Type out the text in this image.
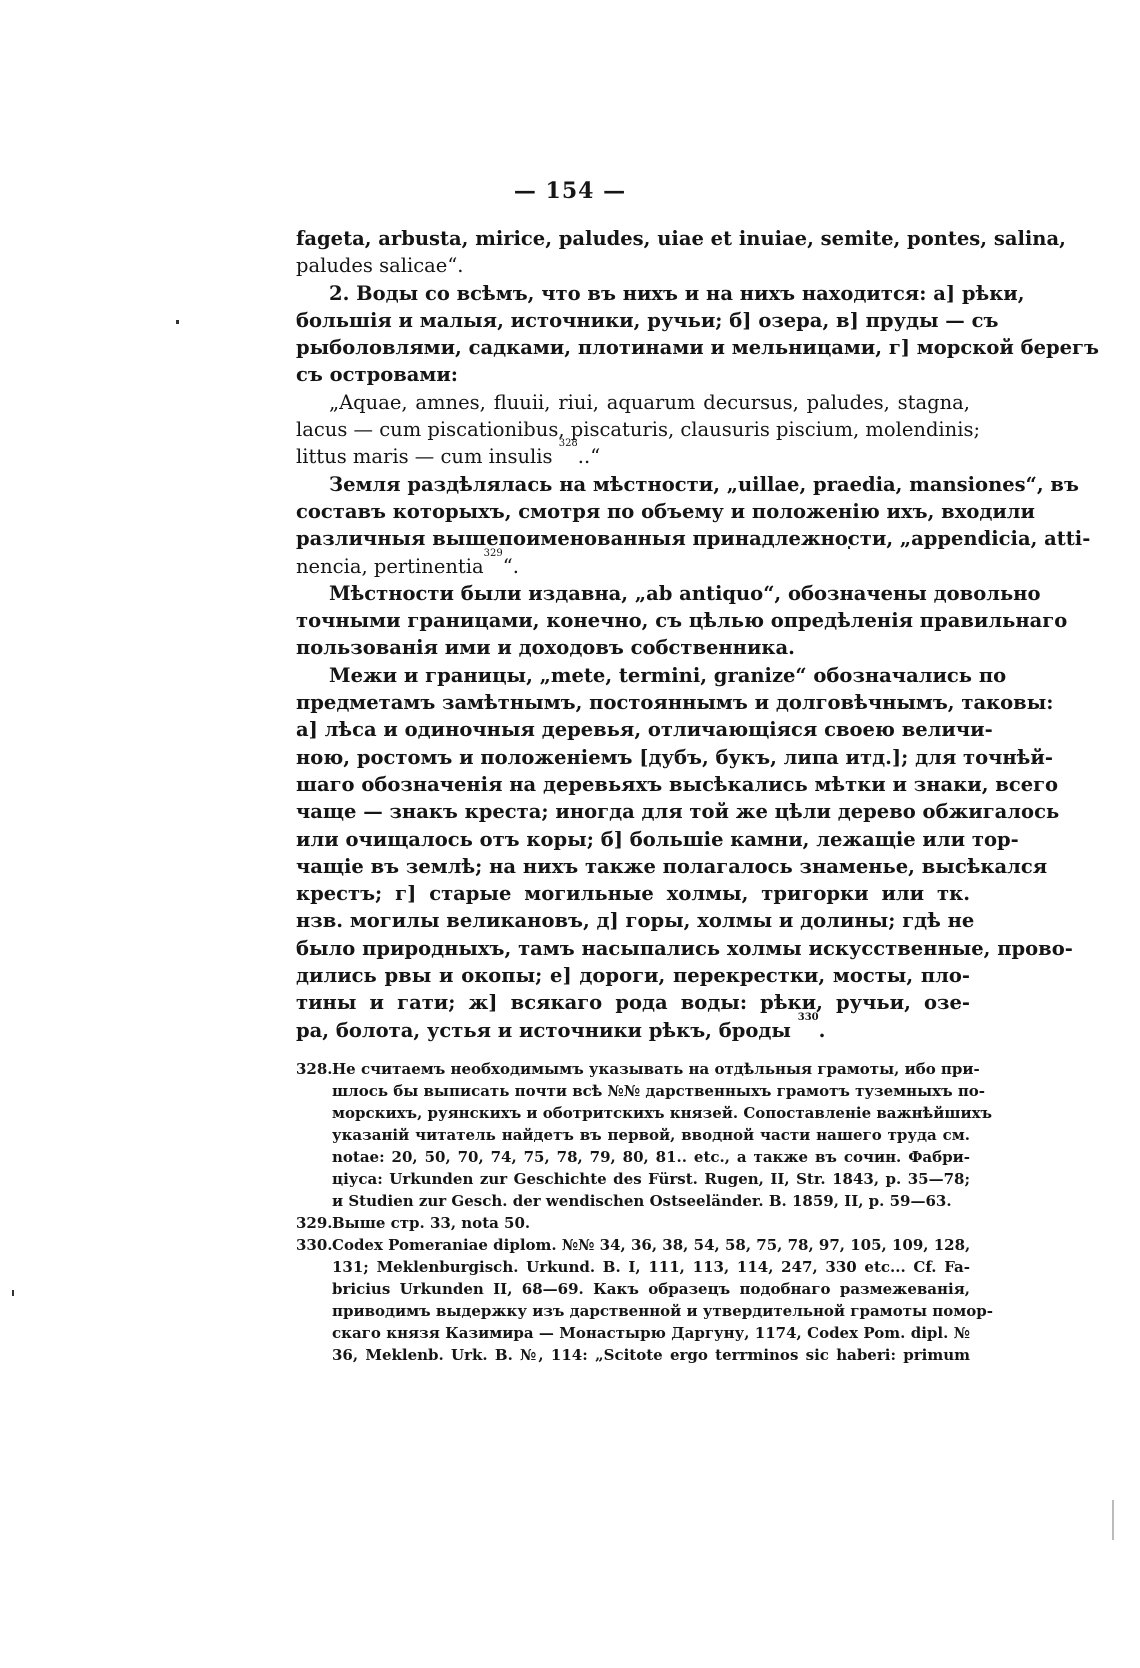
— 154 —
fageta, arbusta, mirice, paludes, uiae et inuiae, semite, pontes, salina,
paludes salicae“.
2. Воды со всѣмъ, что въ нихъ и на нихъ находится: а] рѣки,
большія и малыя, источники, ручьи; б] озера, в] пруды — съ
рыболовлями, садками, плотинами и мельницами, г] морской берегъ
съ островами:
„Aquae, amnes, fluuii, riui, aquarum decursus, paludes, stagna,
lacus — cum piscationibus, piscaturis, clausuris piscium, molendinis;
littus maris — cum insulis $^{328}$..“
Земля раздѣлялась на мѣстности, „uillae, praedia, mansiones“, въ
составъ которыхъ, смотря по объему и положенію ихъ, входили
различныя вышепоименованныя принадлежности, „appendicia, atti-
nencia, pertinentia$^{329}$“.
Мѣстности были издавна, „ab antiquo“, обозначены довольно
точными границами, конечно, съ цѣлью опредѣленія правильнаго
пользованія ими и доходовъ собственника.
Межи и границы, „mete, termini, granize“ обозначались по
предметамъ замѣтнымъ, постояннымъ и долговѣчнымъ, таковы:
а] лѣса и одиночныя деревья, отличающіяся своею величи-
ною, ростомъ и положеніемъ [дубъ, букъ, липа итд.]; для точнѣй-
шаго обозначенія на деревьяхъ высѣкались мѣтки и знаки, всего
чаще — знакъ креста; иногда для той же цѣли дерево обжигалось
или очищалось отъ коры; б] большіе камни, лежащіе или тор-
чащіе въ землѣ; на нихъ также полагалось знаменье, высѣкался
крестъ; г] старые могильные холмы, тригорки или тк.
нзв. могилы великановъ, д] горы, холмы и долины; гдѣ не
было природныхъ, тамъ насыпались холмы искусственные, прово-
дились рвы и окопы; е] дороги, перекрестки, мосты, пло-
тины и гати; ж] всякаго рода воды: рѣки, ручьи, озе-
ра, болота, устья и источники рѣкъ, броды $^{330}$.
328.Не считаемъ необходимымъ указывать на отдѣльныя грамоты, ибо при-
шлось бы выписать почти всѣ №№ дарственныхъ грамотъ туземныхъ по-
морскихъ, руянскихъ и оботритскихъ князей. Сопоставленіе важнѣйшихъ
указаній читатель найдетъ въ первой, вводной части нашего труда см.
notae: 20, 50, 70, 74, 75, 78, 79, 80, 81.. etc., а также въ сочин. Фабри-
ціуса: Urkunden zur Geschichte des Fürst. Rugen, II, Str. 1843, p. 35—78;
и Studien zur Gesch. der wendischen Ostseeländer. B. 1859, II, p. 59—63.
329.Выше стр. 33, nota 50.
330.Codex Pomeraniae diplom. №№ 34, 36, 38, 54, 58, 75, 78, 97, 105, 109, 128,
131; Meklenburgisch. Urkund. B. I, 111, 113, 114, 247, 330 etc... Cf. Fa-
bricius Urkunden II, 68—69. Какъ образецъ подобнаго размежеванія,
приводимъ выдержку изъ дарственной и утвердительной грамоты помор-
скаго князя Казимира — Монастырю Даргуну, 1174, Codex Pom. dipl. №
36, Meklenb. Urk. B. №, 114: „Scitote ergo terrminos sic haberi: primum
